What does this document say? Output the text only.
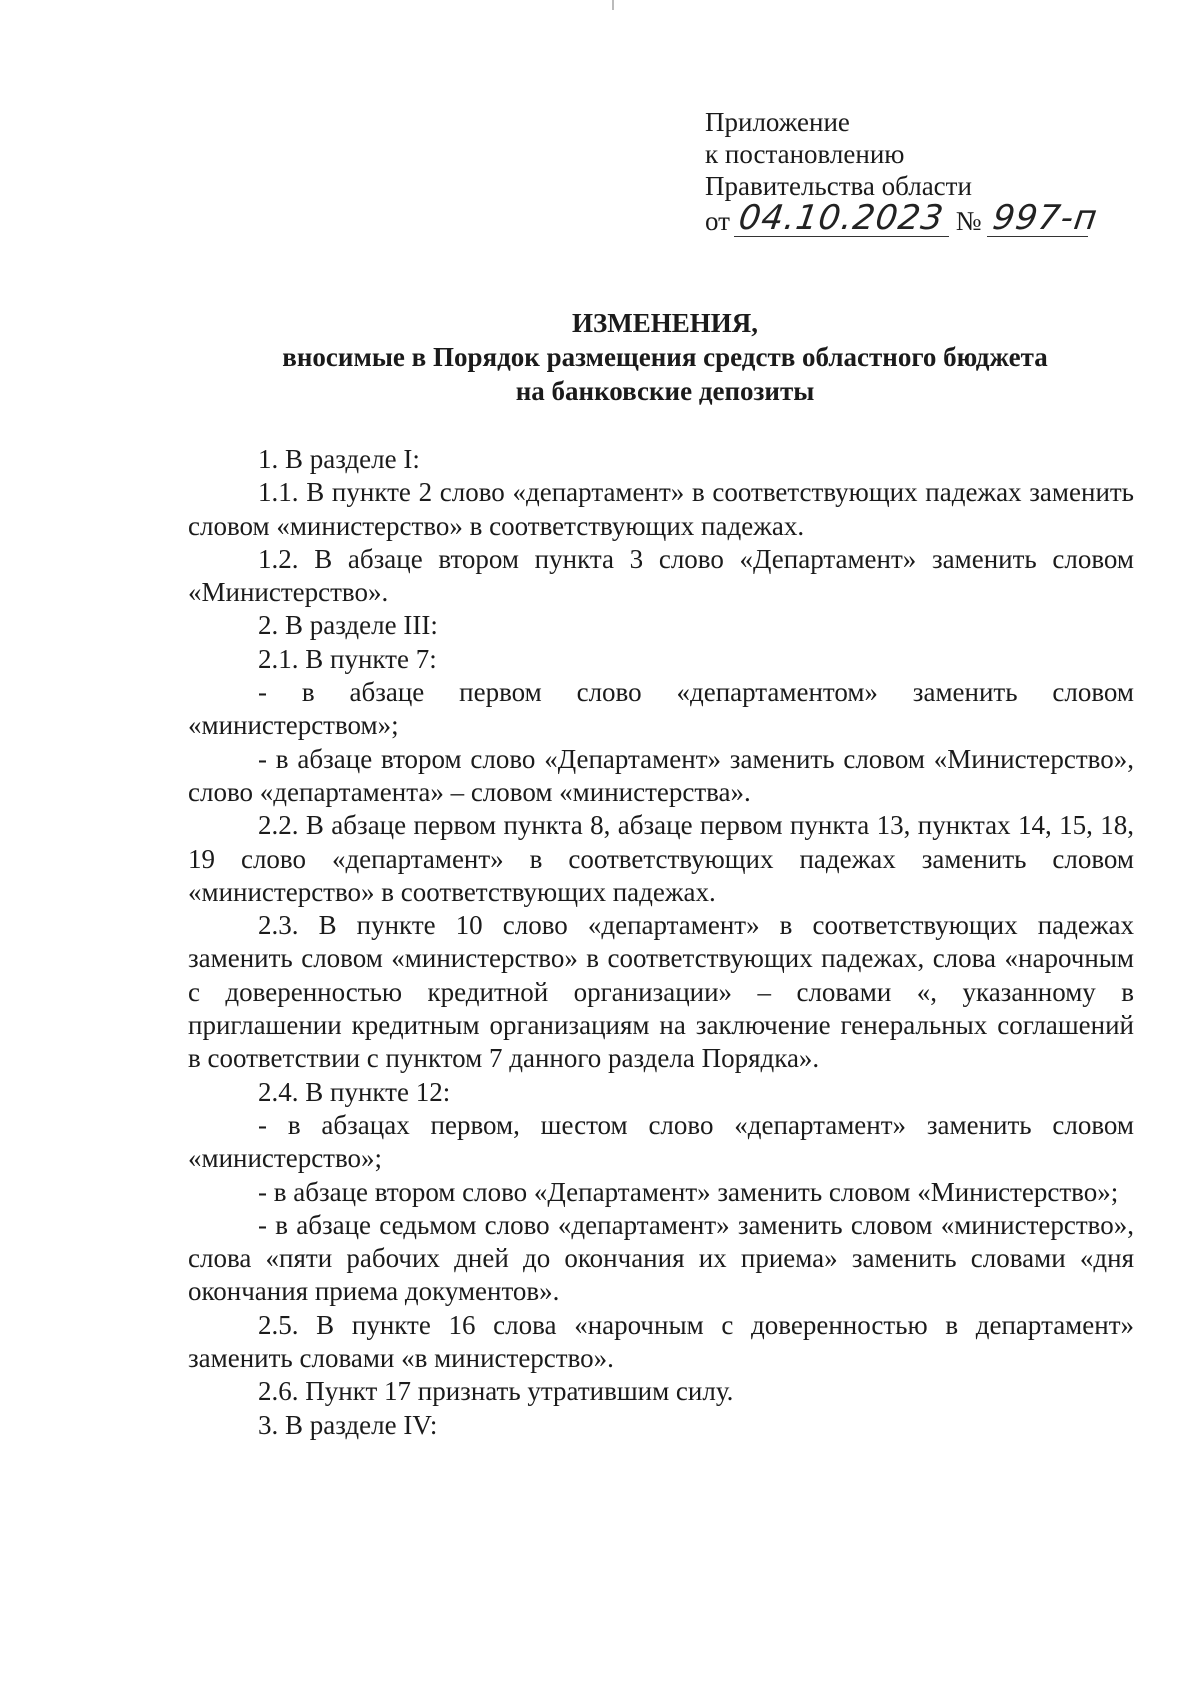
Приложение
к постановлению
Правительства области
от 04.10.2023 № 997-п
ИЗМЕНЕНИЯ,
вносимые в Порядок размещения средств областного бюджета
на банковские депозиты

1. В разделе I:

1.1. В пункте 2 слово «департамент» в соответствующих падежах заменить словом «министерство» в соответствующих падежах.

1.2. В абзаце втором пункта 3 слово «Департамент» заменить словом «Министерство».

2. В разделе III:

2.1. В пункте 7:

- в абзаце первом слово «департаментом» заменить словом «министерством»;

- в абзаце втором слово «Департамент» заменить словом «Министерство», слово «департамента» – словом «министерства».

2.2. В абзаце первом пункта 8, абзаце первом пункта 13, пунктах 14, 15, 18, 19 слово «департамент» в соответствующих падежах заменить словом «министерство» в соответствующих падежах.

2.3. В пункте 10 слово «департамент» в соответствующих падежах заменить словом «министерство» в соответствующих падежах, слова «нарочным с доверенностью кредитной организации» – словами «, указанному в приглашении кредитным организациям на заключение генеральных соглашений в соответствии с пунктом 7 данного раздела Порядка».

2.4. В пункте 12:

- в абзацах первом, шестом слово «департамент» заменить словом «министерство»;

- в абзаце втором слово «Департамент» заменить словом «Министерство»;

- в абзаце седьмом слово «департамент» заменить словом «министерство», слова «пяти рабочих дней до окончания их приема» заменить словами «дня окончания приема документов».

2.5. В пункте 16 слова «нарочным с доверенностью в департамент» заменить словами «в министерство».

2.6. Пункт 17 признать утратившим силу.

3. В разделе IV:
